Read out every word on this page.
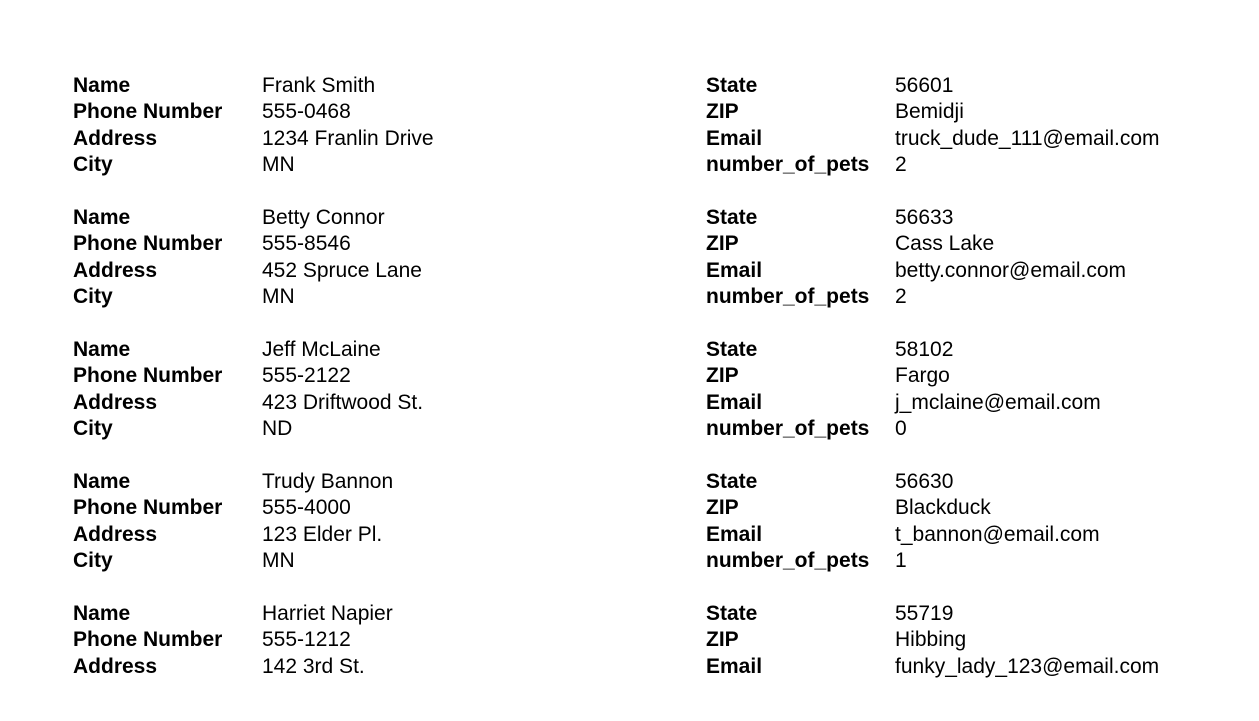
Name	Frank Smith
Phone Number 555-0468
Address	1234 Franlin Drive
City	MN
State	56601
ZIP	Bemidji
Email	truck_dude_111@email.com
number_of_pets 2
Name	Betty Connor
Phone Number 555-8546
Address	452 Spruce Lane
City	MN
State	56633
ZIP	Cass Lake
Email	betty.connor@email.com
number_of_pets 2
Name	Jeff McLaine
Phone Number 555-2122
Address	423 Driftwood St.
City	ND
State	58102
ZIP	Fargo
Email	j_mclaine@email.com
number_of_pets 0
Name	Trudy Bannon
Phone Number 555-4000
Address	123 Elder Pl.
City	MN
State	56630
ZIP	Blackduck
Email	t_bannon@email.com
number_of_pets 1
Name	Harriet Napier
Phone Number 555-1212
Address	142 3rd St.
State	55719
ZIP	Hibbing
Email	funky_lady_123@email.com
